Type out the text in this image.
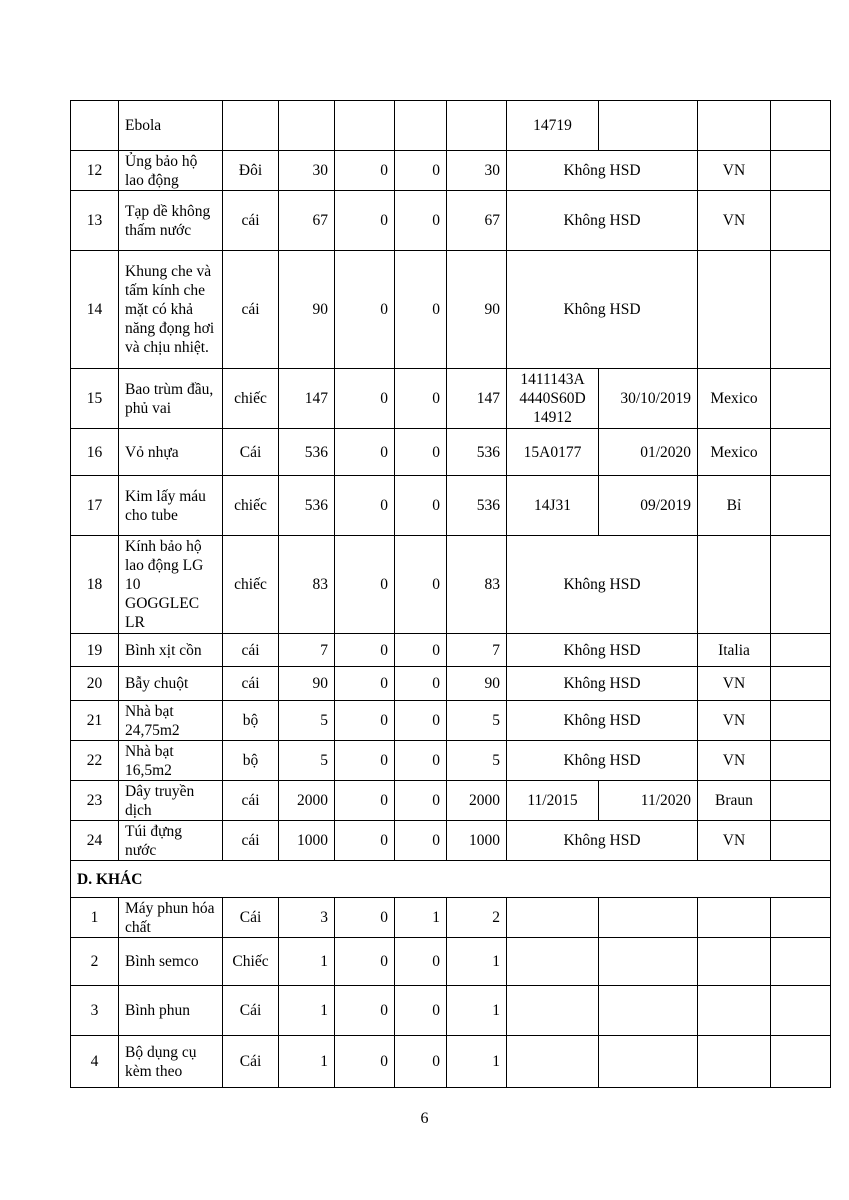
	Ebola						14719			
12	Ủng bảo hộ lao động	Đôi	30	0	0	30	Không HSD		VN	
13	Tạp dề không thấm nước	cái	67	0	0	67	Không HSD		VN	
14	Khung che và tấm kính che mặt có khả năng đọng hơi và chịu nhiệt.	cái	90	0	0	90	Không HSD			
15	Bao trùm đầu, phủ vai	chiếc	147	0	0	147	1411143A 4440S60D 14912	30/10/2019	Mexico	
16	Vỏ nhựa	Cái	536	0	0	536	15A0177	01/2020	Mexico	
17	Kim lấy máu cho tube	chiếc	536	0	0	536	14J31	09/2019	Bỉ	
18	Kính bảo hộ lao động LG 10 GOGGLEC LR	chiếc	83	0	0	83	Không HSD			
19	Bình xịt cồn	cái	7	0	0	7	Không HSD		Italia	
20	Bẫy chuột	cái	90	0	0	90	Không HSD		VN	
21	Nhà bạt 24,75m2	bộ	5	0	0	5	Không HSD		VN	
22	Nhà bạt 16,5m2	bộ	5	0	0	5	Không HSD		VN	
23	Dây truyền dịch	cái	2000	0	0	2000	11/2015	11/2020	Braun	
24	Túi đựng nước	cái	1000	0	0	1000	Không HSD		VN	
D. KHÁC										
1	Máy phun hóa chất	Cái	3	0	1	2				
2	Bình semco	Chiếc	1	0	0	1				
3	Bình phun	Cái	1	0	0	1				
4	Bộ dụng cụ kèm theo	Cái	1	0	0	1				
6
